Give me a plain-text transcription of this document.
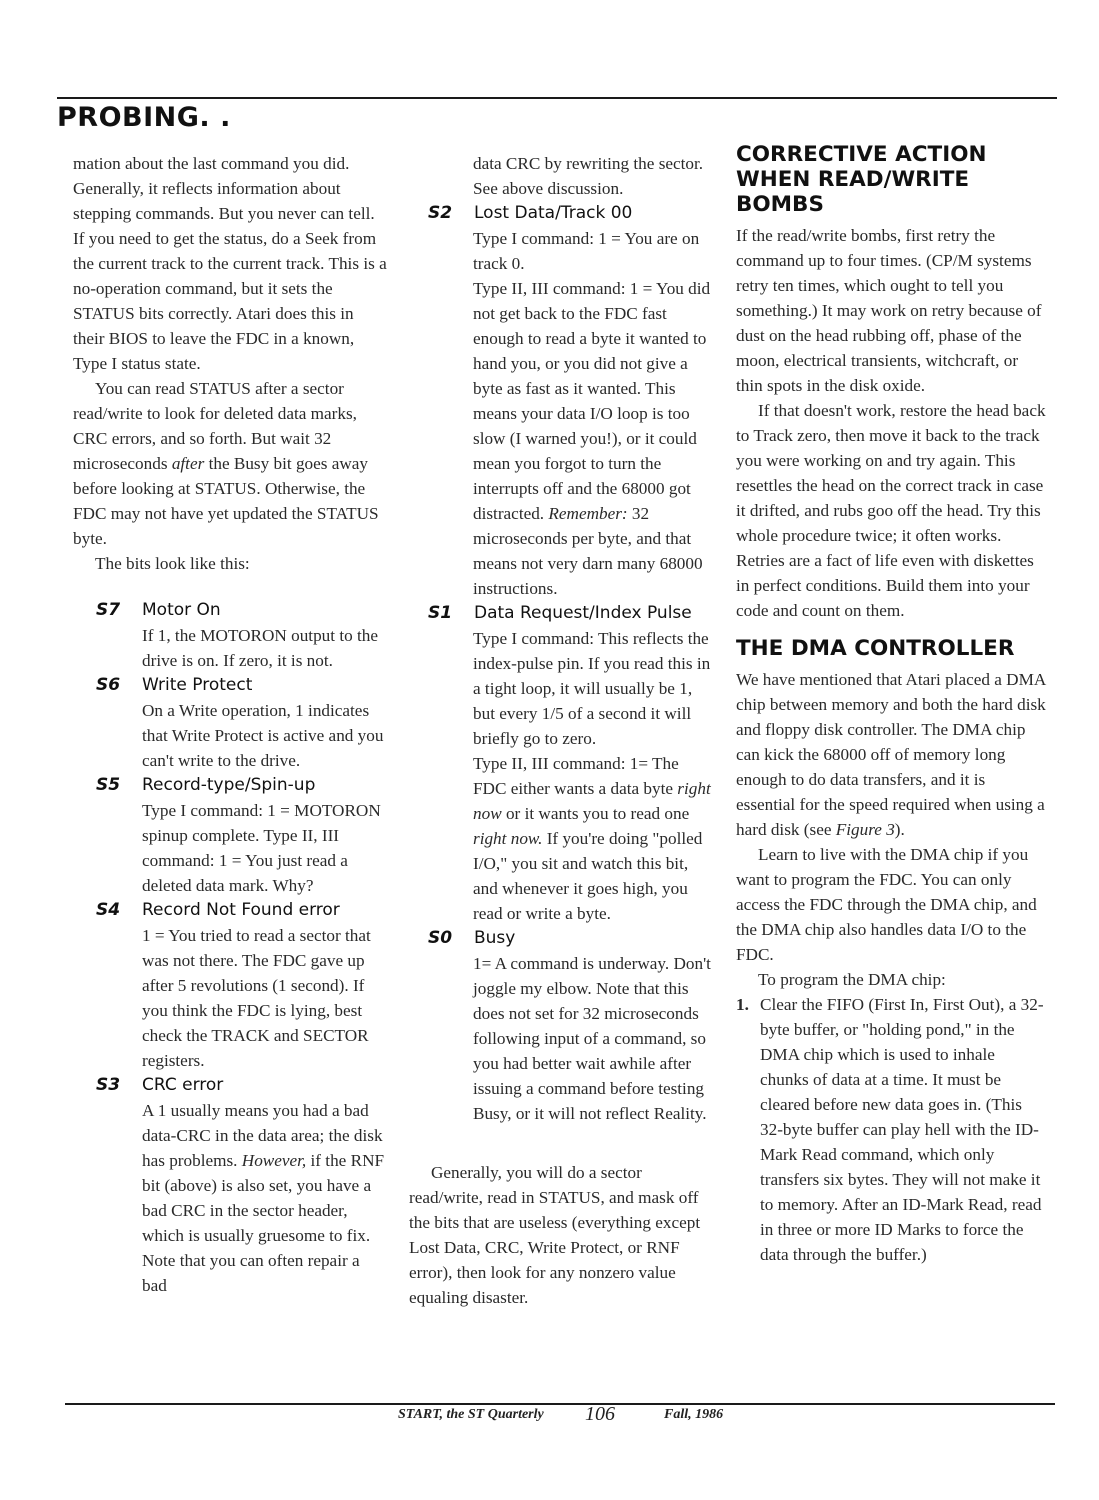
PROBING. .

mation about the last command you did. Generally, it reflects information about stepping commands. But you never can tell. If you need to get the status, do a Seek from the current track to the current track. This is a no-operation command, but it sets the STATUS bits correctly. Atari does this in their BIOS to leave the FDC in a known, Type I status state.

You can read STATUS after a sector read/write to look for deleted data marks, CRC errors, and so forth. But wait 32 microseconds after the Busy bit goes away before looking at STATUS. Otherwise, the FDC may not have yet updated the STATUS byte.

The bits look like this:

S7 Motor On

If 1, the MOTORON output to the drive is on. If zero, it is not.

S6 Write Protect

On a Write operation, 1 indicates that Write Protect is active and you can't write to the drive.

S5 Record-type/Spin-up

Type I command: 1 = MOTORON spinup complete. Type II, III command: 1 = You just read a deleted data mark. Why?

S4 Record Not Found error

1 = You tried to read a sector that was not there. The FDC gave up after 5 revolutions (1 second). If you think the FDC is lying, best check the TRACK and SECTOR registers.

S3 CRC error

A 1 usually means you had a bad data-CRC in the data area; the disk has problems. However, if the RNF bit (above) is also set, you have a bad CRC in the sector header, which is usually gruesome to fix. Note that you can often repair a bad

data CRC by rewriting the sector. See above discussion.

S2 Lost Data/Track 00

Type I command: 1 = You are on track 0.

Type II, III command: 1 = You did not get back to the FDC fast enough to read a byte it wanted to hand you, or you did not give a byte as fast as it wanted. This means your data I/O loop is too slow (I warned you!), or it could mean you forgot to turn the interrupts off and the 68000 got distracted. Remember: 32 microseconds per byte, and that means not very darn many 68000 instructions.

S1 Data Request/Index Pulse

Type I command: This reflects the index-pulse pin. If you read this in a tight loop, it will usually be 1, but every 1/5 of a second it will briefly go to zero.

Type II, III command: 1= The FDC either wants a data byte right now or it wants you to read one right now. If you're doing "polled I/O," you sit and watch this bit, and whenever it goes high, you read or write a byte.

S0 Busy

1= A command is underway. Don't joggle my elbow. Note that this does not set for 32 microseconds following input of a command, so you had better wait awhile after issuing a command before testing Busy, or it will not reflect Reality.

Generally, you will do a sector read/write, read in STATUS, and mask off the bits that are useless (everything except Lost Data, CRC, Write Protect, or RNF error), then look for any nonzero value equaling disaster.

CORRECTIVE ACTION WHEN READ/WRITE BOMBS

If the read/write bombs, first retry the command up to four times. (CP/M systems retry ten times, which ought to tell you something.) It may work on retry because of dust on the head rubbing off, phase of the moon, electrical transients, witchcraft, or thin spots in the disk oxide.

If that doesn't work, restore the head back to Track zero, then move it back to the track you were working on and try again. This resettles the head on the correct track in case it drifted, and rubs goo off the head. Try this whole procedure twice; it often works. Retries are a fact of life even with diskettes in perfect conditions. Build them into your code and count on them.

THE DMA CONTROLLER

We have mentioned that Atari placed a DMA chip between memory and both the hard disk and floppy disk controller. The DMA chip can kick the 68000 off of memory long enough to do data transfers, and it is essential for the speed required when using a hard disk (see Figure 3).

Learn to live with the DMA chip if you want to program the FDC. You can only access the FDC through the DMA chip, and the DMA chip also handles data I/O to the FDC.

To program the DMA chip:

1. Clear the FIFO (First In, First Out), a 32-byte buffer, or "holding pond," in the DMA chip which is used to inhale chunks of data at a time. It must be cleared before new data goes in. (This 32-byte buffer can play hell with the ID-Mark Read command, which only transfers six bytes. They will not make it to memory. After an ID-Mark Read, read in three or more ID Marks to force the data through the buffer.)

START, the ST Quarterly 106	Fall, 1986
